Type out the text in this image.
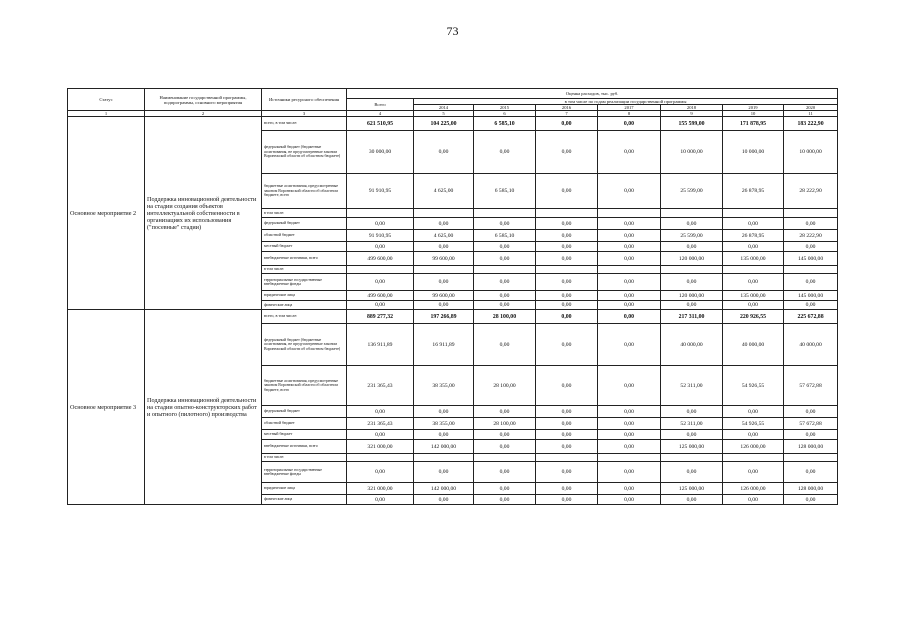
73
Статус	Наименование государственной программы, подпрограммы, основного мероприятия	Источники ресурсного обеспечения	Оценка расходов, тыс. руб.							
			Всего	в том числе по годам реализации государственной программы						
				2014	2015	2016	2017	2018	2019	2020
1	2	3	4	5	6	7	8	9	10	11
Основное мероприятие 2	Поддержка инновационной деятельности на стадии создания объектов интеллектуальной собственности в организациях их использования ("посевные" стадии)	всего, в том числе:	621 510,95	104 225,00	6 585,10	0,00	0,00	155 599,00	171 878,95	183 222,90
		федеральный бюджет (бюджетные ассигнования, не предусмотренные законом Воронежской области об областном бюджете)	30 000,00	0,00	0,00	0,00	0,00	10 000,00	10 000,00	10 000,00
		бюджетные ассигнования, предусмотренные законом Воронежской области об областном бюджете, всего	91 910,95	4 625,00	6 585,10	0,00	0,00	25 599,00	26 878,95	28 222,90
		в том числе:								
		федеральный бюджет	0,00	0,00	0,00	0,00	0,00	0,00	0,00	0,00
		областной бюджет	91 910,95	4 625,00	6 585,10	0,00	0,00	25 599,00	26 878,95	28 222,90
		местный бюджет	0,00	0,00	0,00	0,00	0,00	0,00	0,00	0,00
		внебюджетные источники, всего	499 600,00	99 600,00	0,00	0,00	0,00	120 000,00	135 000,00	145 000,00
		в том числе:								
		территориальные государственные внебюджетные фонды	0,00	0,00	0,00	0,00	0,00	0,00	0,00	0,00
		юридические лица	499 600,00	99 600,00	0,00	0,00	0,00	120 000,00	135 000,00	145 000,00
		физические лица	0,00	0,00	0,00	0,00	0,00	0,00	0,00	0,00
Основное мероприятие 3	Поддержка инновационной деятельности на стадии опытно-конструкторских работ и опытного (пилотного) производства	всего, в том числе:	889 277,32	197 266,89	28 100,00	0,00	0,00	217 311,00	220 926,55	225 672,88
		федеральный бюджет (бюджетные ассигнования, не предусмотренные законом Воронежской области об областном бюджете)	136 911,89	16 911,89	0,00	0,00	0,00	40 000,00	40 000,00	40 000,00
		бюджетные ассигнования, предусмотренные законом Воронежской области об областном бюджете, всего	231 365,43	38 355,00	28 100,00	0,00	0,00	52 311,00	54 926,55	57 672,88
		федеральный бюджет	0,00	0,00	0,00	0,00	0,00	0,00	0,00	0,00
		областной бюджет	231 365,43	38 355,00	28 100,00	0,00	0,00	52 311,00	54 926,55	57 672,88
		местный бюджет	0,00	0,00	0,00	0,00	0,00	0,00	0,00	0,00
		внебюджетные источники, всего	321 000,00	142 000,00	0,00	0,00	0,00	125 000,00	126 000,00	128 000,00
		в том числе:								
		территориальные государственные внебюджетные фонды	0,00	0,00	0,00	0,00	0,00	0,00	0,00	0,00
		юридические лица	321 000,00	142 000,00	0,00	0,00	0,00	125 000,00	126 000,00	128 000,00
		физические лица	0,00	0,00	0,00	0,00	0,00	0,00	0,00	0,00
